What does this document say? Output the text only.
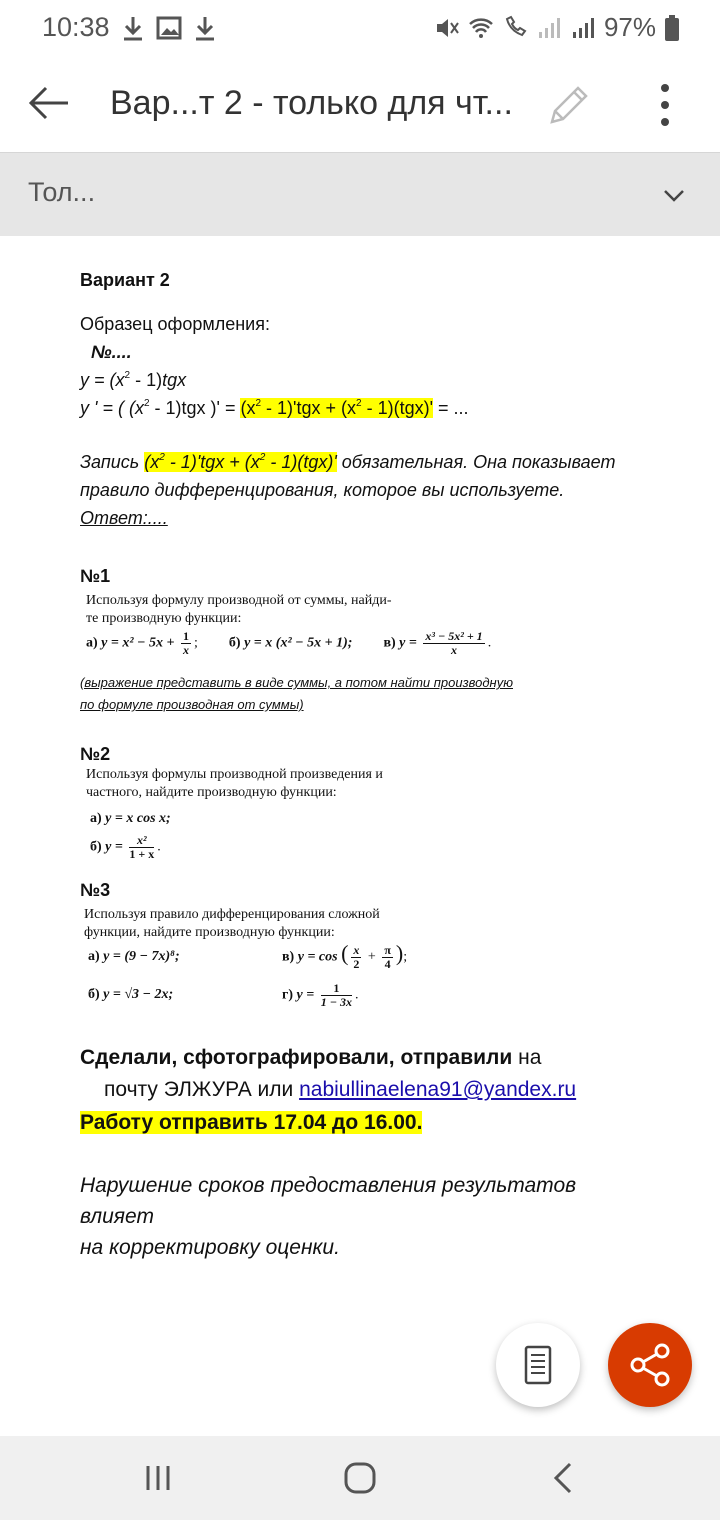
10:38	97%
Вар...т 2 - только для чт...
Тол...
Вариант 2
Образец оформления:
№....
$y = (x^2 - 1)tgx$
y ' = ( $(x^2 - 1)tgx$ )' = $(x^2 - 1)'tgx + (x^2 - 1)(tgx)'$ = ...
Запись $(x^2 - 1)'tgx + (x^2 - 1)(tgx)'$ обязательная. Она показывает правило дифференцирования, которое вы используете.
Ответ:....
№1
Используя формулу производной от суммы, найди-
те производную функции:
а) $y = x^2 - 5x + \frac{1}{x}$ ; б) y = x (x² − 5x + 1); в) $y = \frac{\text{x³ − 5x² + 1}}{x}$ .
(выражение представить в виде суммы, а потом найти производную
по формуле производная от суммы)
№2
Используя формулы производной произведения и
частного, найдите производную функции:
а) y = x cos x;
б) $y = \frac{\text{x²}}{1 + x}$ .
№3
Используя правило дифференцирования сложной
функции, найдите производную функции:
а) y = (9 − 7x)⁸;	в) y = cos ( $\frac{x}{2} + \frac{\pi}{4}$ );
б) y = √3 − 2x;	г) $y = \frac{1}{1 - 3x}$ .
Сделали, сфотографировали, отправили на
почту ЭЛЖУРА или nabiullinaelena91@yandex.ru
Работу отправить 17.04 до 16.00.
Нарушение сроков предоставления результатов
влияет
на корректировку оценки.
